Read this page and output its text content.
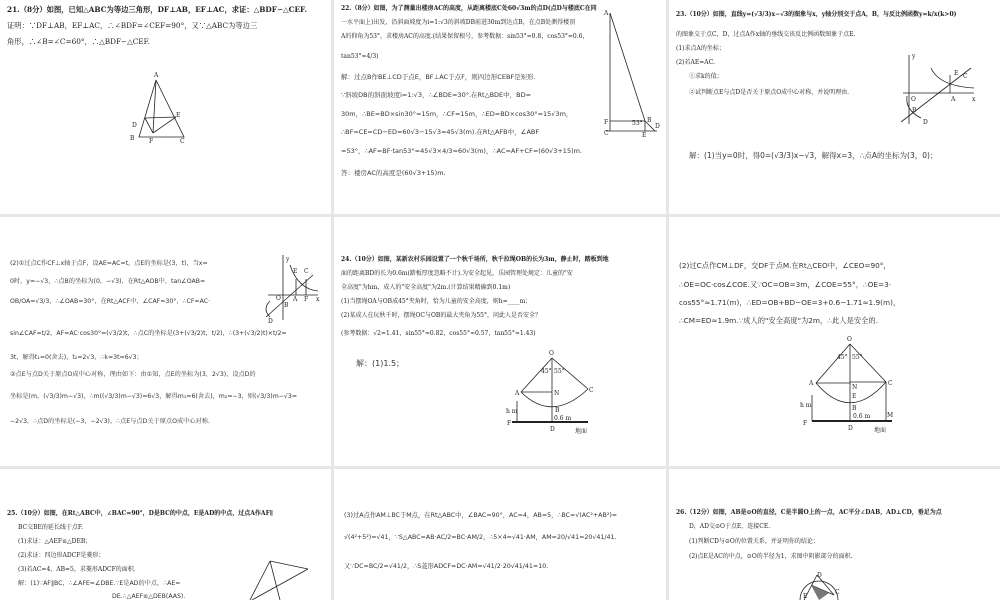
21.（8分）如图，已知△ABC为等边三角形，DF⊥AB，EF⊥AC，求证：△BDF∽△CEF.
证明：∵DF⊥AB，EF⊥AC，∴∠BDF=∠CEF=90°，又∵△ABC为等边三
角形，∴∠B=∠C=60°，∴△BDF∽△CEF.
A
D
E
B F	C
22.（8分）如图，为了测量出楼房AC的高度，从距离楼底C处60√3m的点D(点D与楼底C在同
一水平面上)出发，沿斜面坡度为i=1:√3的斜坡DB前进30m到达点B，在点B处测得楼顶
A的仰角为53°，求楼房AC的高度.(结果保留根号，参考数据：sin53°≈0.8，cos53°≈0.6，
tan53°≈4/3)
解：过点B作BE⊥CD于点E，BF⊥AC于点F，则四边形CEBF是矩形.
∵斜坡DB的斜面坡度i=1:√3，∴∠BDE=30°.在Rt△BDE中，BD=
30m，∴BE=BD×sin30°=15m，∴CF=15m，∴ED=BD×cos30°=15√3m，
∴BF=CE=CD−ED=60√3−15√3=45√3(m).在Rt△AFB中，∠ABF
=53°，∴AF=BF·tan53°=45√3×4/3=60√3(m)，∴AC=AF+CF=(60√3+15)m.
答：楼房AC的高度是(60√3+15)m.
A
F	B
53°
C	E
D
23.（10分）如图，直线y=(√3/3)x−√3的图象与x，y轴分别交于点A，B，与反比例函数y=k/x(k>0)
的图象交于点C，D，过点A作x轴的垂线交该反比例函数图象于点E.
(1)求点A的坐标；
(2)若AE=AC.
①求k的值；
②试判断点E与点D是否关于原点O成中心对称，并说明理由.
解：(1)当y=0时，得0=(√3/3)x−√3，解得x=3，∴点A的坐标为(3，0)；
y
E C
O	A	x
B
D
(2)①过点C作CF⊥x轴于点F，设AE=AC=t，点E的坐标是(3，t)，当x=
0时，y=−√3，∴点B的坐标为(0，−√3)，在Rt△AOB中，tan∠OAB=
OB/OA=√3/3，∴∠OAB=30°，在Rt△ACF中，∠CAF=30°，∴CF=AC·
sin∠CAF=t/2，AF=AC·cos30°=(√3/2)t，∴点C的坐标是(3+(√3/2)t，t/2)，∴(3+(√3/2)t)×t/2=
3t，解得t₁=0(舍去)，t₂=2√3，∴k=3t=6√3；
②点E与点D关于原点O成中心对称，理由如下：由①知，点E的坐标为(3，2√3)，设点D的
坐标是(m，(√3/3)m−√3)，∴m((√3/3)m−√3)=6√3，解得m₁=6(舍去)，m₂=−3，则(√3/3)m−√3=
−2√3，∴点D的坐标是(−3，−2√3)，∴点E与点D关于原点O成中心对称.
y
E C
O
B
A F x
D
24.（10分）如图，某新农村乐园设置了一个秋千场所，秋千拉绳OB的长为3m，静止时，踏板到地
面的距离BD的长为0.6m(踏板厚度忽略不计).为安全起见，乐园管理处规定：儿童的"安
全高度"为hm，成人的"安全高度"为2m.(计算结果精确到0.1m)
(1)当摆绳OA与OB成45°夹角时，恰为儿童的安全高度，则h=____m；
(2)某成人在玩秋千时，摆绳OC与OB的最大夹角为55°，问此人是否安全？
(参考数据：√2≈1.41，sin55°≈0.82，cos55°≈0.57，tan55°≈1.43)
解：(1)1.5；
O
45° 55°
A	C
N
h m	B
0.6 m
F
D	地面
(2)过C点作CM⊥DF，交DF于点M.在Rt△CEO中，∠CEO=90°，
∴OE=OC·cos∠COE.又∵OC=OB=3m，∠COE=55°，∴OE=3·
cos55°≈1.71(m)，∴ED=OB+BD−OE=3+0.6−1.71≈1.9(m)，
∴CM=ED≈1.9m.∵成人的"安全高度"为2m，∴此人是安全的.
O
45° 55°
A	C
N
E
h m	B
0.6 m
F
D
M
地面
25.（10分）如图，在Rt△ABC中，∠BAC=90°，D是BC的中点，E是AD的中点，过点A作AF∥
BC交BE的延长线于点F.
(1)求证：△AEF≌△DEB；
(2)求证：四边形ADCF是菱形；
(3)若AC=4，AB=5，求菱形ADCF的面积.
解：(1)∵AF∥BC，∴∠AFE=∠DBE.∵E是AD的中点，∴AE=
DE.∴△AEF≌△DEB(AAS).
(3)过A点作AM⊥BC于M点，在Rt△ABC中，∠BAC=90°，AC=4，AB=5，∴BC=√(AC²+AB²)=
√(4²+5²)=√41，∵S△ABC=AB·AC/2=BC·AM/2，∴5×4=√41·AM，AM=20/√41=20√41/41.
又∵DC=BC/2=√41/2，∴S菱形ADCF=DC·AM=√41/2·20√41/41=10.
26.（12分）如图，AB是⊙O的直径，C是半圆O上的一点，AC平分∠DAB，AD⊥CD，垂足为点
D，AD交⊙O于点E，连接CE.
(1)判断CD与⊙O的位置关系，并证明你的结论；
(2)点E是AC的中点，⊙O的半径为1，求图中阴影部分的面积.
D
E
C
